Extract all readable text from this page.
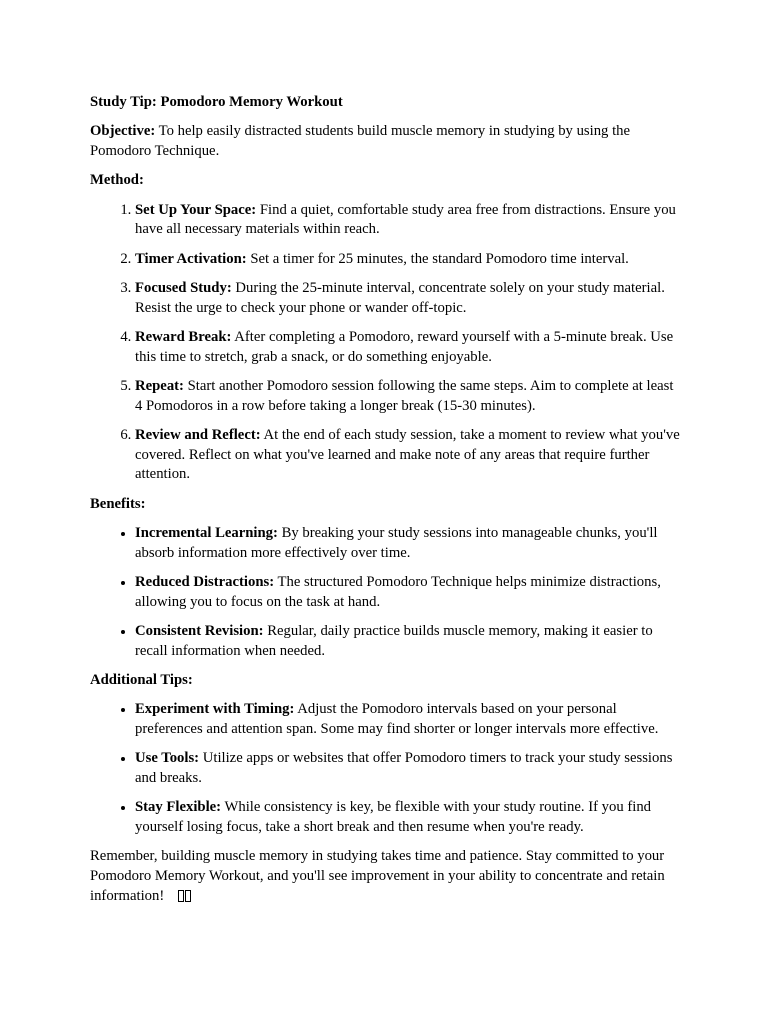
Study Tip: Pomodoro Memory Workout

Objective: To help easily distracted students build muscle memory in studying by using the Pomodoro Technique.

Method:

1. Set Up Your Space: Find a quiet, comfortable study area free from distractions. Ensure you have all necessary materials within reach.
2. Timer Activation: Set a timer for 25 minutes, the standard Pomodoro time interval.
3. Focused Study: During the 25-minute interval, concentrate solely on your study material. Resist the urge to check your phone or wander off-topic.
4. Reward Break: After completing a Pomodoro, reward yourself with a 5-minute break. Use this time to stretch, grab a snack, or do something enjoyable.
5. Repeat: Start another Pomodoro session following the same steps. Aim to complete at least 4 Pomodoros in a row before taking a longer break (15-30 minutes).
6. Review and Reflect: At the end of each study session, take a moment to review what you've covered. Reflect on what you've learned and make note of any areas that require further attention.

Benefits:

• Incremental Learning: By breaking your study sessions into manageable chunks, you'll absorb information more effectively over time.
• Reduced Distractions: The structured Pomodoro Technique helps minimize distractions, allowing you to focus on the task at hand.
• Consistent Revision: Regular, daily practice builds muscle memory, making it easier to recall information when needed.

Additional Tips:

• Experiment with Timing: Adjust the Pomodoro intervals based on your personal preferences and attention span. Some may find shorter or longer intervals more effective.
• Use Tools: Utilize apps or websites that offer Pomodoro timers to track your study sessions and breaks.
• Stay Flexible: While consistency is key, be flexible with your study routine. If you find yourself losing focus, take a short break and then resume when you're ready.

Remember, building muscle memory in studying takes time and patience. Stay committed to your Pomodoro Memory Workout, and you'll see improvement in your ability to concentrate and retain information!
